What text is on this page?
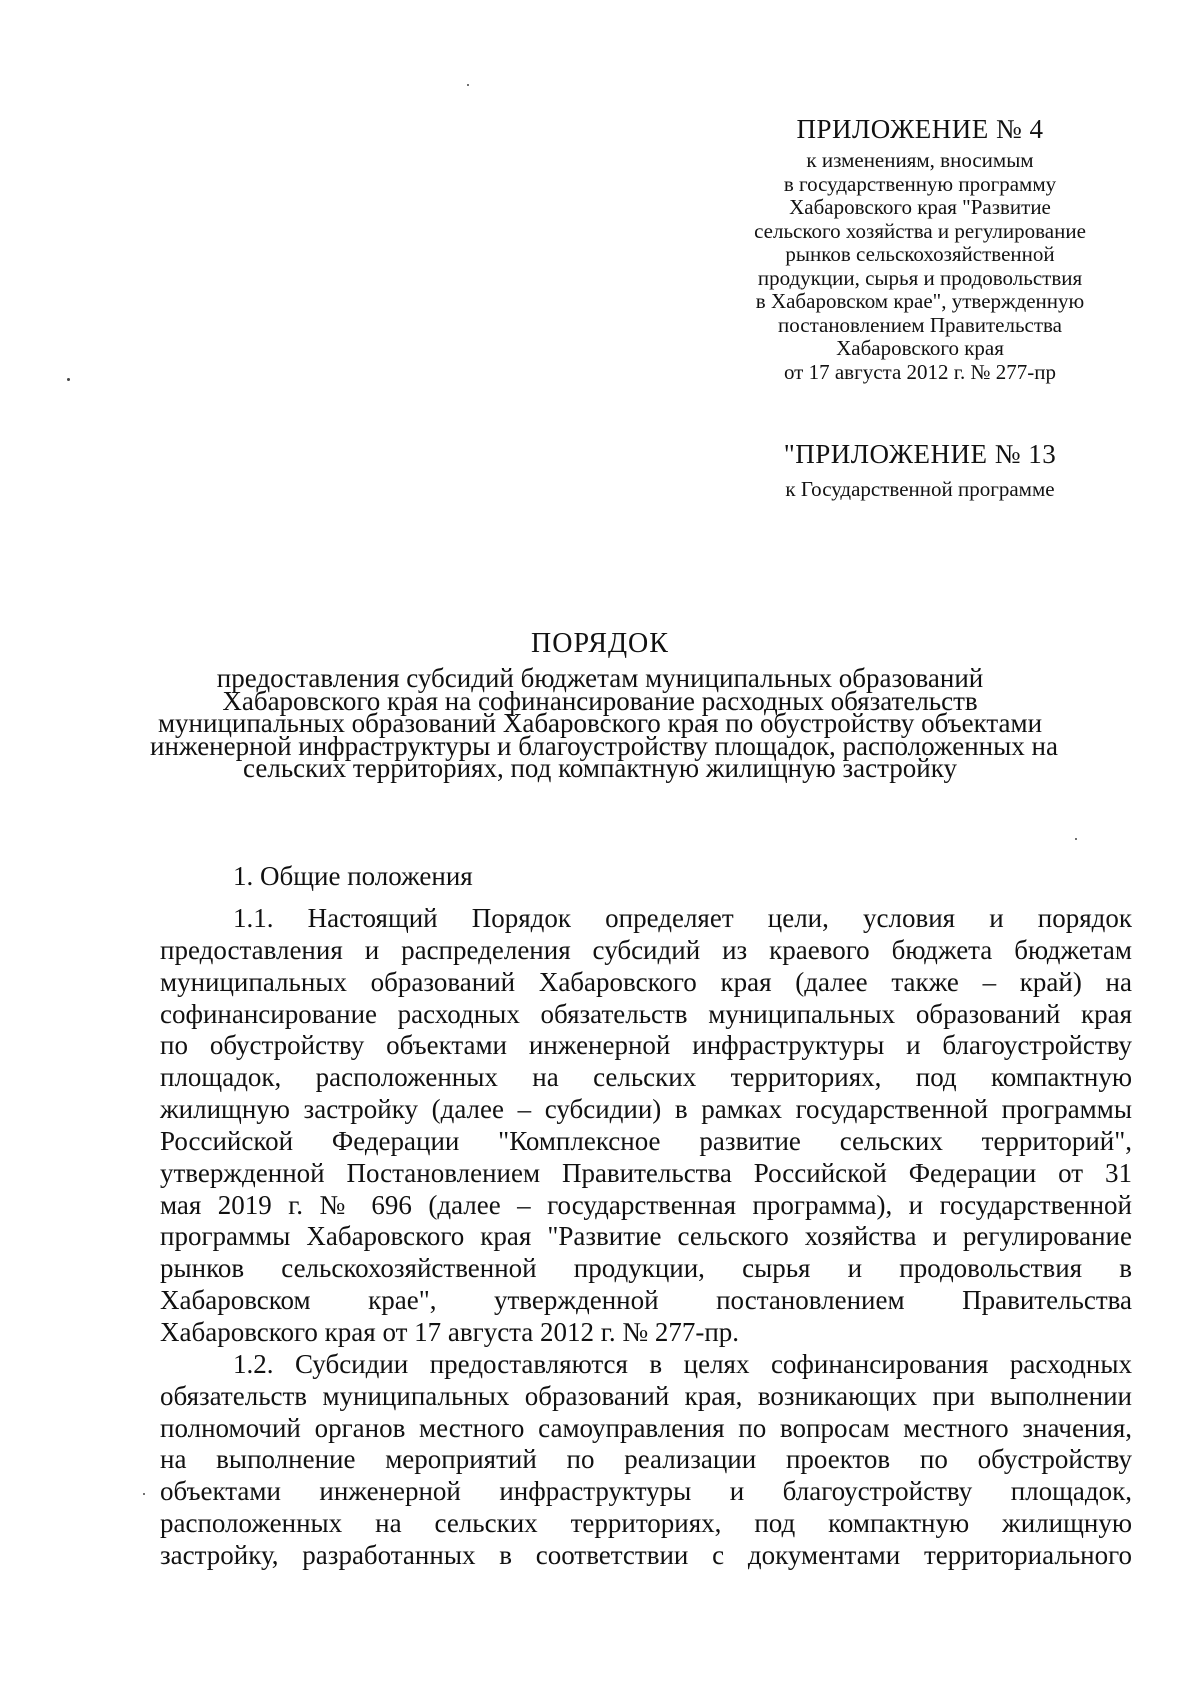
ПРИЛОЖЕНИЕ № 4
к изменениям, вносимым
в государственную программу
Хабаровского края "Развитие
сельского хозяйства и регулирование
рынков сельскохозяйственной
продукции, сырья и продовольствия
в Хабаровском крае", утвержденную
постановлением Правительства
Хабаровского края
от 17 августа 2012 г. № 277-пр
"ПРИЛОЖЕНИЕ № 13
к Государственной программе
ПОРЯДОК
предоставления субсидий бюджетам муниципальных образований
Хабаровского края на софинансирование расходных обязательств
муниципальных образований Хабаровского края по обустройству объектами
инженерной инфраструктуры и благоустройству площадок, расположенных на
сельских территориях, под компактную жилищную застройку
1. Общие положения
1.1. Настоящий Порядок определяет цели, условия и порядок
предоставления и распределения субсидий из краевого бюджета бюджетам
муниципальных образований Хабаровского края (далее также – край) на
софинансирование расходных обязательств муниципальных образований края
по обустройству объектами инженерной инфраструктуры и благоустройству
площадок, расположенных на сельских территориях, под компактную
жилищную застройку (далее – субсидии) в рамках государственной программы
Российской Федерации "Комплексное развитие сельских территорий",
утвержденной Постановлением Правительства Российской Федерации от 31
мая 2019 г. № 696 (далее – государственная программа), и государственной
программы Хабаровского края "Развитие сельского хозяйства и регулирование
рынков сельскохозяйственной продукции, сырья и продовольствия в
Хабаровском крае", утвержденной постановлением Правительства
Хабаровского края от 17 августа 2012 г. № 277-пр.
1.2. Субсидии предоставляются в целях софинансирования расходных
обязательств муниципальных образований края, возникающих при выполнении
полномочий органов местного самоуправления по вопросам местного значения,
на выполнение мероприятий по реализации проектов по обустройству
объектами инженерной инфраструктуры и благоустройству площадок,
расположенных на сельских территориях, под компактную жилищную
застройку, разработанных в соответствии с документами территориального
